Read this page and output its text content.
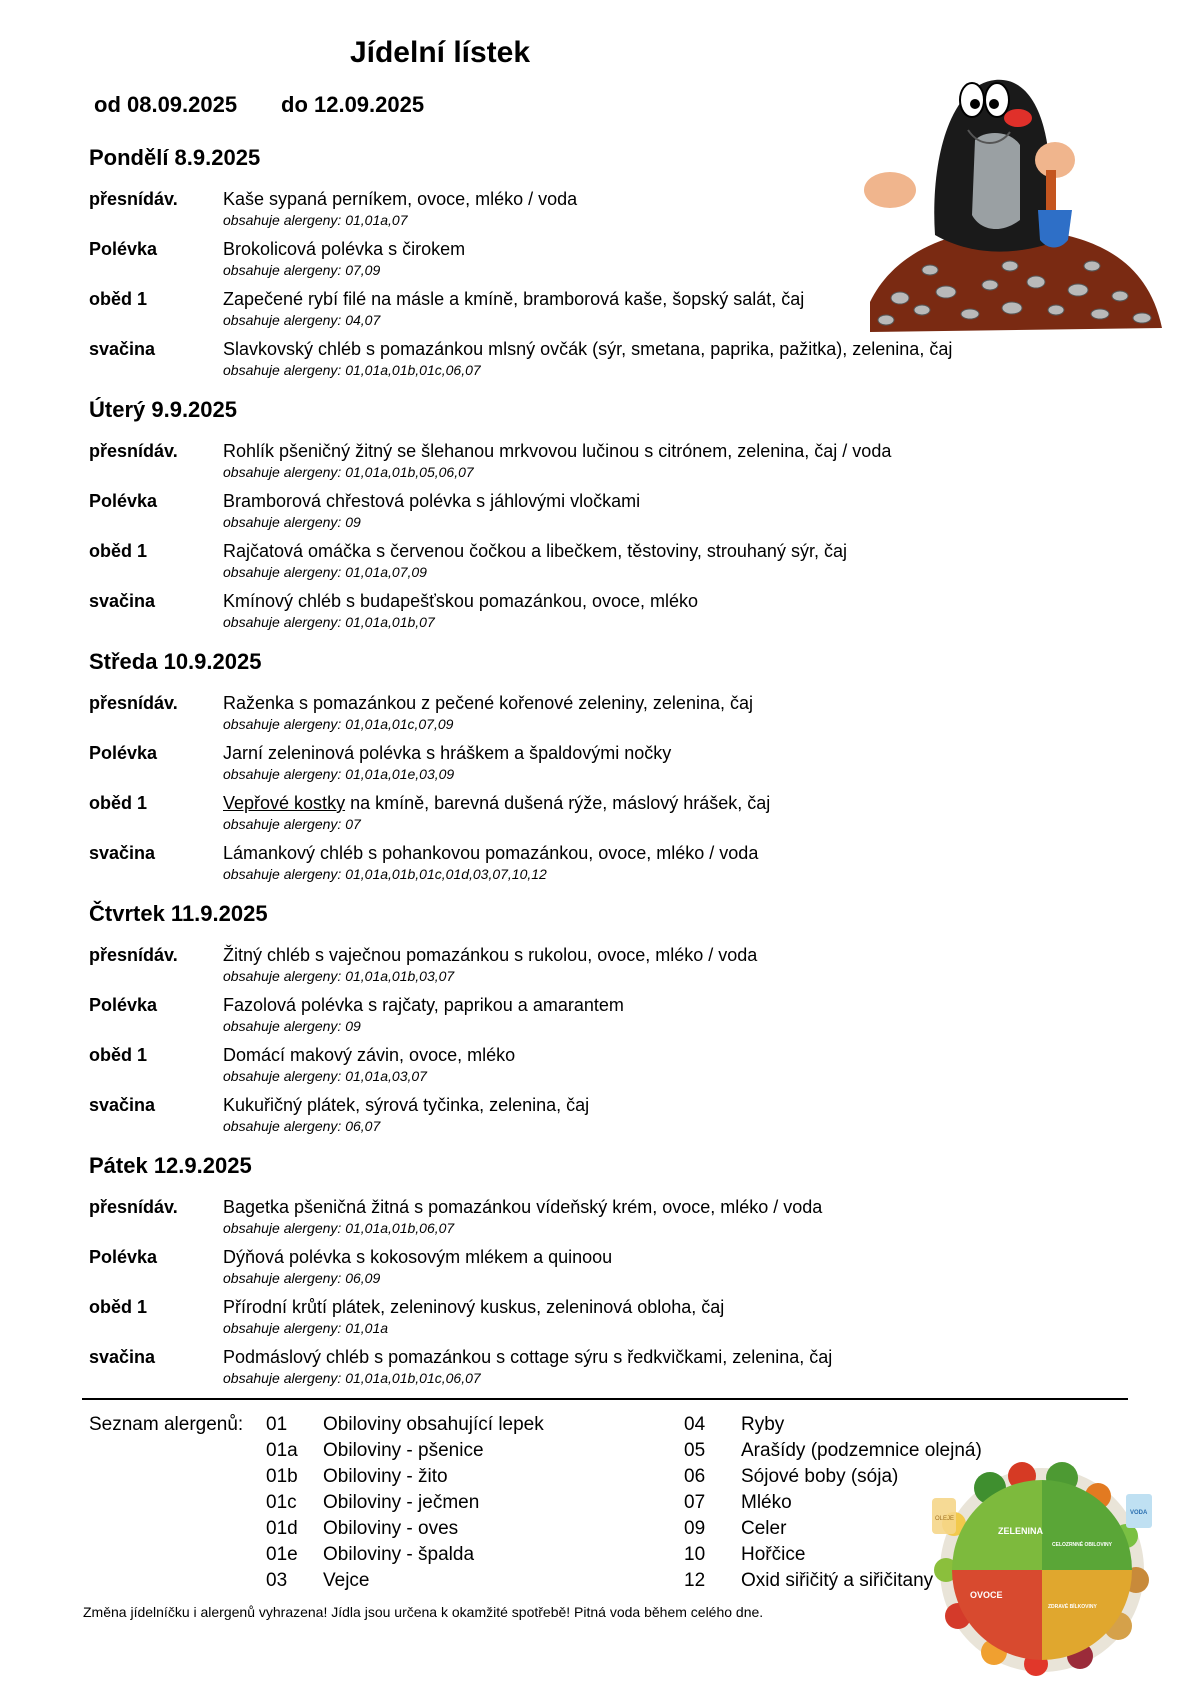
Jídelní lístek
od 08.09.2025 do 12.09.2025
Pondělí 8.9.2025
přesnídáv.	Kaše sypaná perníkem, ovoce, mléko / voda
obsahuje alergeny: 01,01a,07
Polévka	Brokolicová polévka s čirokem
obsahuje alergeny: 07,09
oběd 1	Zapečené rybí filé na másle a kmíně, bramborová kaše, šopský salát, čaj
obsahuje alergeny: 04,07
svačina	Slavkovský chléb s pomazánkou mlsný ovčák (sýr, smetana, paprika, pažitka), zelenina, čaj
obsahuje alergeny: 01,01a,01b,01c,06,07
Úterý 9.9.2025
přesnídáv.	Rohlík pšeničný žitný se šlehanou mrkvovou lučinou s citrónem, zelenina, čaj / voda
obsahuje alergeny: 01,01a,01b,05,06,07
Polévka	Bramborová chřestová polévka s jáhlovými vločkami
obsahuje alergeny: 09
oběd 1	Rajčatová omáčka s červenou čočkou a libečkem, těstoviny, strouhaný sýr, čaj
obsahuje alergeny: 01,01a,07,09
svačina	Kmínový chléb s budapešťskou pomazánkou, ovoce, mléko
obsahuje alergeny: 01,01a,01b,07
Středa 10.9.2025
přesnídáv.	Raženka s pomazánkou z pečené kořenové zeleniny, zelenina, čaj
obsahuje alergeny: 01,01a,01c,07,09
Polévka	Jarní zeleninová polévka s hráškem a špaldovými nočky
obsahuje alergeny: 01,01a,01e,03,09
oběd 1	Vepřové kostky na kmíně, barevná dušená rýže, máslový hrášek, čaj
obsahuje alergeny: 07
svačina	Lámankový chléb s pohankovou pomazánkou, ovoce, mléko / voda
obsahuje alergeny: 01,01a,01b,01c,01d,03,07,10,12
Čtvrtek 11.9.2025
přesnídáv.	Žitný chléb s vaječnou pomazánkou s rukolou, ovoce, mléko / voda
obsahuje alergeny: 01,01a,01b,03,07
Polévka	Fazolová polévka s rajčaty, paprikou a amarantem
obsahuje alergeny: 09
oběd 1	Domácí makový závin, ovoce, mléko
obsahuje alergeny: 01,01a,03,07
svačina	Kukuřičný plátek, sýrová tyčinka, zelenina, čaj
obsahuje alergeny: 06,07
Pátek 12.9.2025
přesnídáv.	Bagetka pšeničná žitná s pomazánkou vídeňský krém, ovoce, mléko / voda
obsahuje alergeny: 01,01a,01b,06,07
Polévka	Dýňová polévka s kokosovým mlékem a quinoou
obsahuje alergeny: 06,09
oběd 1	Přírodní krůtí plátek, zeleninový kuskus, zeleninová obloha, čaj
obsahuje alergeny: 01,01a
svačina	Podmáslový chléb s pomazánkou s cottage sýru s ředkvičkami, zelenina, čaj
obsahuje alergeny: 01,01a,01b,01c,06,07
Seznam alergenů: 01 Obiloviny obsahující lepek
01a Obiloviny - pšenice
01b Obiloviny - žito
01c Obiloviny - ječmen
01d Obiloviny - oves
01e Obiloviny - špalda
03 Vejce
04 Ryby
05 Arašídy (podzemnice olejná)
06 Sójové boby (sója)
07 Mléko
09 Celer
10 Hořčice
12 Oxid siřičitý a siřičitany
ZELENINA
CELOZRNNÉ OBILOVINY
OVOCE
ZDRAVÉ BÍLKOVINY
OLEJE
VODA
Změna jídelníčku i alergenů vyhrazena! Jídla jsou určena k okamžité spotřebě! Pitná voda během celého dne.
